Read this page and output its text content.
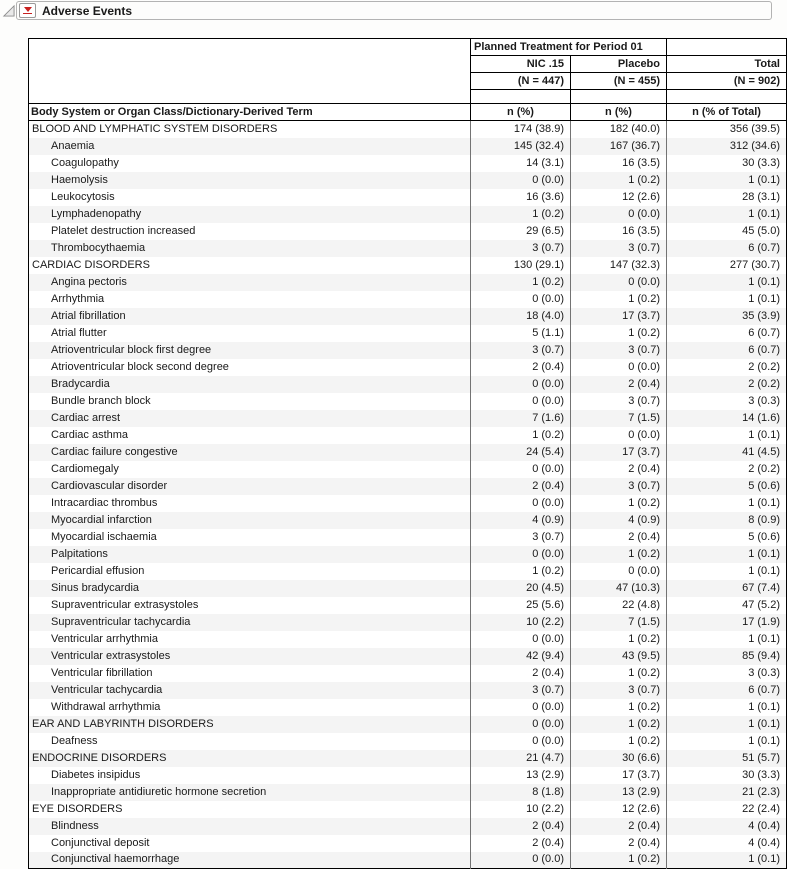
Adverse Events
	Planned Treatment for Period 01		
	NIC .15	Placebo	Total
	(N = 447)	(N = 455)	(N = 902)

Body System or Organ Class/Dictionary-Derived Term	n (%)	n (%)	n (% of Total)
BLOOD AND LYMPHATIC SYSTEM DISORDERS	174 (38.9)	182 (40.0)	356 (39.5)
Anaemia	145 (32.4)	167 (36.7)	312 (34.6)
Coagulopathy	14 (3.1)	16 (3.5)	30 (3.3)
Haemolysis	0 (0.0)	1 (0.2)	1 (0.1)
Leukocytosis	16 (3.6)	12 (2.6)	28 (3.1)
Lymphadenopathy	1 (0.2)	0 (0.0)	1 (0.1)
Platelet destruction increased	29 (6.5)	16 (3.5)	45 (5.0)
Thrombocythaemia	3 (0.7)	3 (0.7)	6 (0.7)
CARDIAC DISORDERS	130 (29.1)	147 (32.3)	277 (30.7)
Angina pectoris	1 (0.2)	0 (0.0)	1 (0.1)
Arrhythmia	0 (0.0)	1 (0.2)	1 (0.1)
Atrial fibrillation	18 (4.0)	17 (3.7)	35 (3.9)
Atrial flutter	5 (1.1)	1 (0.2)	6 (0.7)
Atrioventricular block first degree	3 (0.7)	3 (0.7)	6 (0.7)
Atrioventricular block second degree	2 (0.4)	0 (0.0)	2 (0.2)
Bradycardia	0 (0.0)	2 (0.4)	2 (0.2)
Bundle branch block	0 (0.0)	3 (0.7)	3 (0.3)
Cardiac arrest	7 (1.6)	7 (1.5)	14 (1.6)
Cardiac asthma	1 (0.2)	0 (0.0)	1 (0.1)
Cardiac failure congestive	24 (5.4)	17 (3.7)	41 (4.5)
Cardiomegaly	0 (0.0)	2 (0.4)	2 (0.2)
Cardiovascular disorder	2 (0.4)	3 (0.7)	5 (0.6)
Intracardiac thrombus	0 (0.0)	1 (0.2)	1 (0.1)
Myocardial infarction	4 (0.9)	4 (0.9)	8 (0.9)
Myocardial ischaemia	3 (0.7)	2 (0.4)	5 (0.6)
Palpitations	0 (0.0)	1 (0.2)	1 (0.1)
Pericardial effusion	1 (0.2)	0 (0.0)	1 (0.1)
Sinus bradycardia	20 (4.5)	47 (10.3)	67 (7.4)
Supraventricular extrasystoles	25 (5.6)	22 (4.8)	47 (5.2)
Supraventricular tachycardia	10 (2.2)	7 (1.5)	17 (1.9)
Ventricular arrhythmia	0 (0.0)	1 (0.2)	1 (0.1)
Ventricular extrasystoles	42 (9.4)	43 (9.5)	85 (9.4)
Ventricular fibrillation	2 (0.4)	1 (0.2)	3 (0.3)
Ventricular tachycardia	3 (0.7)	3 (0.7)	6 (0.7)
Withdrawal arrhythmia	0 (0.0)	1 (0.2)	1 (0.1)
EAR AND LABYRINTH DISORDERS	0 (0.0)	1 (0.2)	1 (0.1)
Deafness	0 (0.0)	1 (0.2)	1 (0.1)
ENDOCRINE DISORDERS	21 (4.7)	30 (6.6)	51 (5.7)
Diabetes insipidus	13 (2.9)	17 (3.7)	30 (3.3)
Inappropriate antidiuretic hormone secretion	8 (1.8)	13 (2.9)	21 (2.3)
EYE DISORDERS	10 (2.2)	12 (2.6)	22 (2.4)
Blindness	2 (0.4)	2 (0.4)	4 (0.4)
Conjunctival deposit	2 (0.4)	2 (0.4)	4 (0.4)
Conjunctival haemorrhage	0 (0.0)	1 (0.2)	1 (0.1)
